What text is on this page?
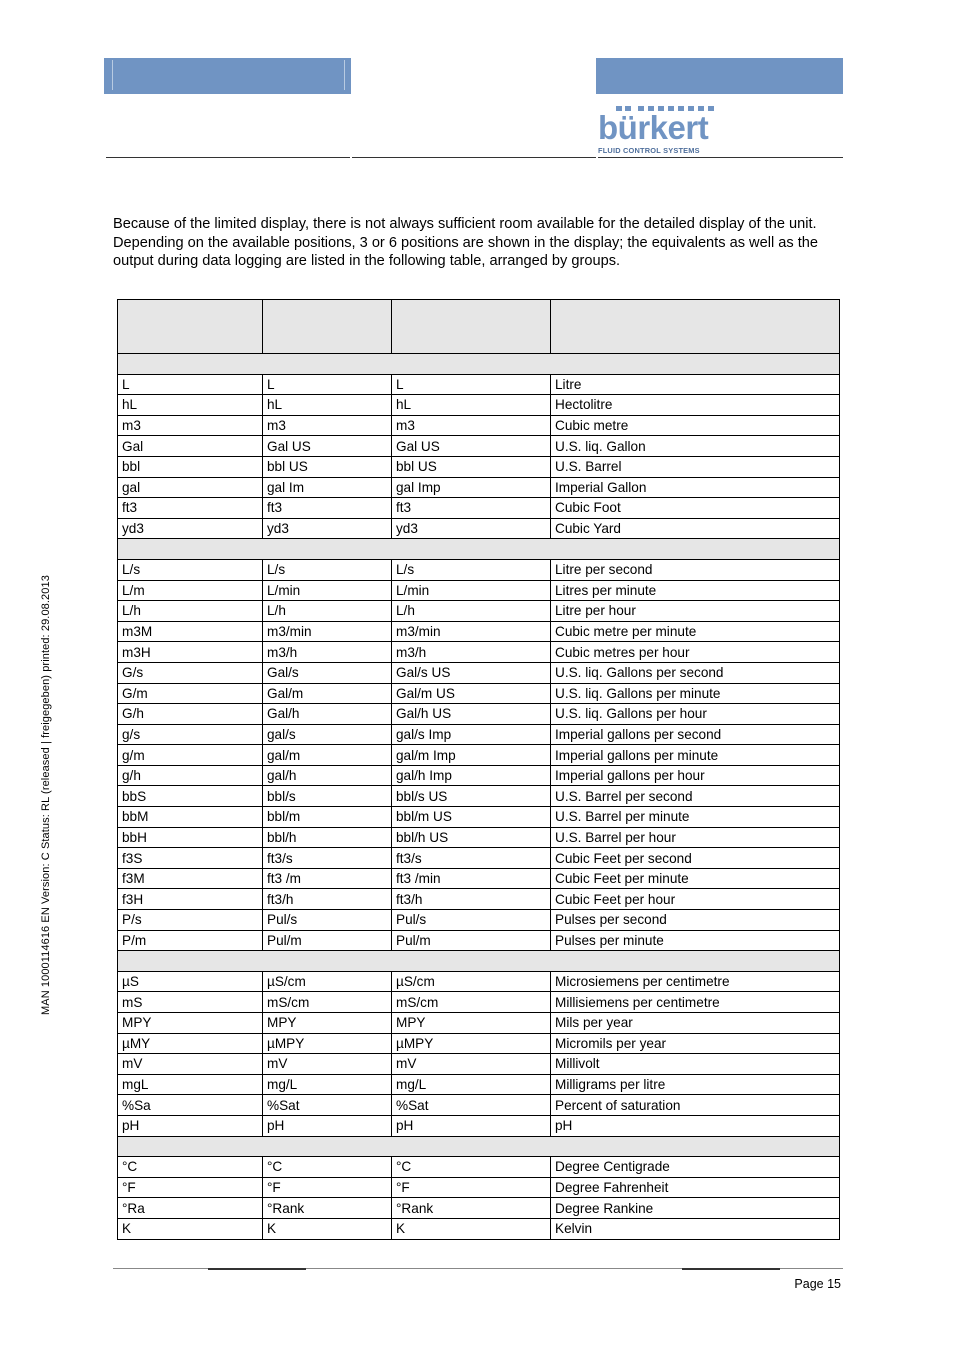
bürkert
FLUID CONTROL SYSTEMS

Because of the limited display, there is not always sufficient room available for the detailed display of the unit. Depending on the available positions, 3 or 6 positions are shown in the display; the equivalents as well as the output during data logging are listed in the following table, arranged by groups.

MAN 1000114616 EN Version: C Status: RL (released | freigegeben) printed: 29.08.2013

L	L	L	Litre
hL	hL	hL	Hectolitre
m3	m3	m3	Cubic metre
Gal	Gal US	Gal US	U.S. liq. Gallon
bbl	bbl US	bbl US	U.S. Barrel
gal	gal Im	gal Imp	Imperial Gallon
ft3	ft3	ft3	Cubic Foot
yd3	yd3	yd3	Cubic Yard

L/s	L/s	L/s	Litre per second
L/m	L/min	L/min	Litres per minute
L/h	L/h	L/h	Litre per hour
m3M	m3/min	m3/min	Cubic metre per minute
m3H	m3/h	m3/h	Cubic metres per hour
G/s	Gal/s	Gal/s US	U.S. liq. Gallons per second
G/m	Gal/m	Gal/m US	U.S. liq. Gallons per minute
G/h	Gal/h	Gal/h US	U.S. liq. Gallons per hour
g/s	gal/s	gal/s Imp	Imperial gallons per second
g/m	gal/m	gal/m Imp	Imperial gallons per minute
g/h	gal/h	gal/h Imp	Imperial gallons per hour
bbS	bbl/s	bbl/s US	U.S. Barrel per second
bbM	bbl/m	bbl/m US	U.S. Barrel per minute
bbH	bbl/h	bbl/h US	U.S. Barrel per hour
f3S	ft3/s	ft3/s	Cubic Feet per second
f3M	ft3 /m	ft3 /min	Cubic Feet per minute
f3H	ft3/h	ft3/h	Cubic Feet per hour
P/s	Pul/s	Pul/s	Pulses per second
P/m	Pul/m	Pul/m	Pulses per minute

µS	µS/cm	µS/cm	Microsiemens per centimetre
mS	mS/cm	mS/cm	Millisiemens per centimetre
MPY	MPY	MPY	Mils per year
µMY	µMPY	µMPY	Micromils per year
mV	mV	mV	Millivolt
mgL	mg/L	mg/L	Milligrams per litre
%Sa	%Sat	%Sat	Percent of saturation
pH	pH	pH	pH

°C	°C	°C	Degree Centigrade
°F	°F	°F	Degree Fahrenheit
°Ra	°Rank	°Rank	Degree Rankine
K	K	K	Kelvin
Page 15
